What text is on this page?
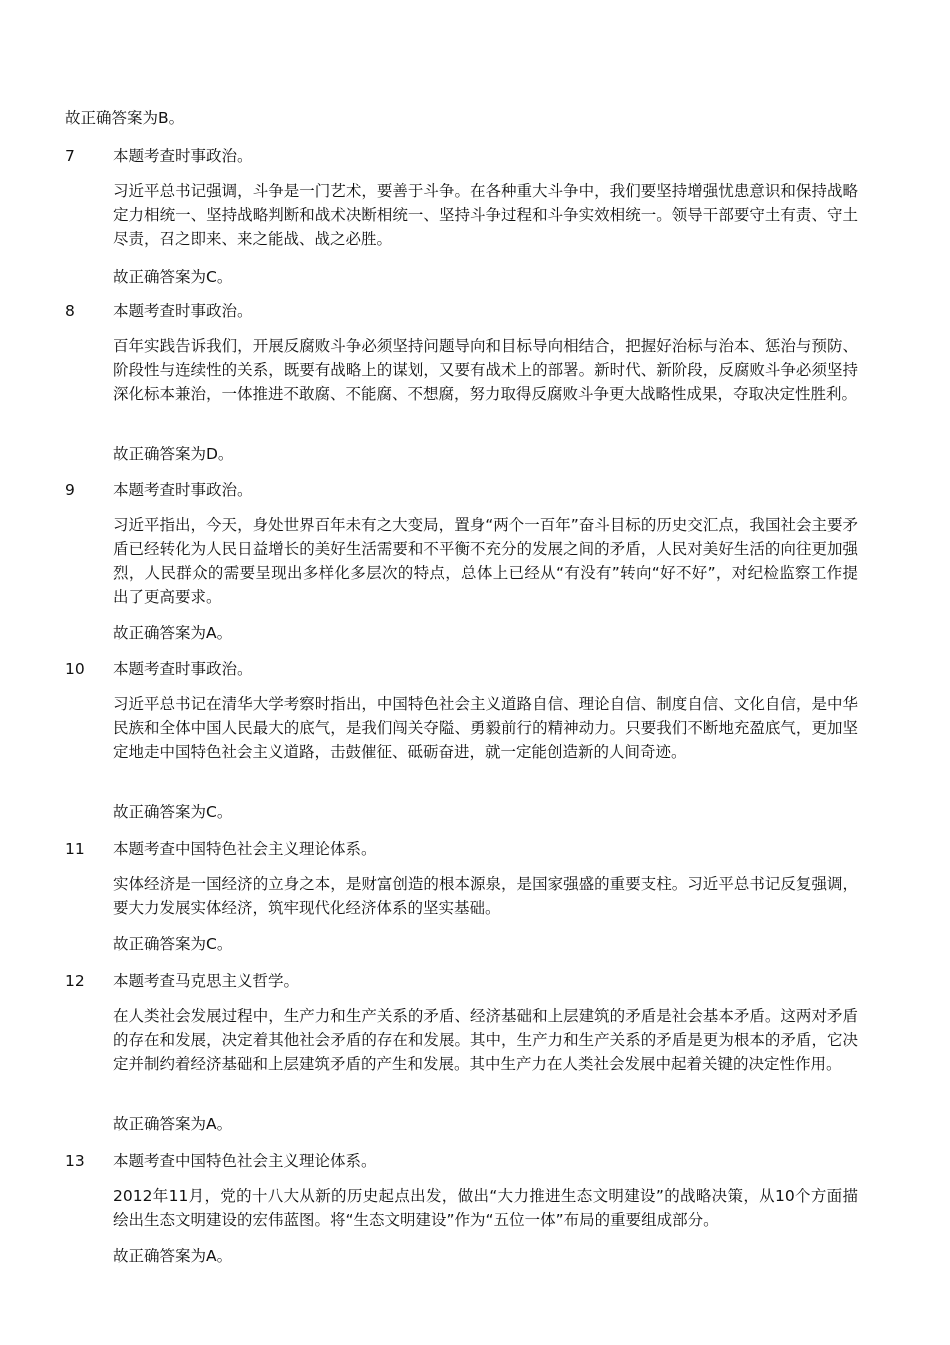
故正确答案为B。
7 本题考查时事政治。
习近平总书记强调，斗争是一门艺术，要善于斗争。在各种重大斗争中，我们要坚持增强忧患意识和保持战略定力相统一、坚持战略判断和战术决断相统一、坚持斗争过程和斗争实效相统一。领导干部要守土有责、守土尽责，召之即来、来之能战、战之必胜。
故正确答案为C。
8 本题考查时事政治。
百年实践告诉我们，开展反腐败斗争必须坚持问题导向和目标导向相结合，把握好治标与治本、惩治与预防、阶段性与连续性的关系，既要有战略上的谋划，又要有战术上的部署。新时代、新阶段，反腐败斗争必须坚持深化标本兼治，一体推进不敢腐、不能腐、不想腐，努力取得反腐败斗争更大战略性成果，夺取决定性胜利。
故正确答案为D。
9 本题考查时事政治。
习近平指出，今天，身处世界百年未有之大变局，置身“两个一百年”奋斗目标的历史交汇点，我国社会主要矛盾已经转化为人民日益增长的美好生活需要和不平衡不充分的发展之间的矛盾，人民对美好生活的向往更加强烈，人民群众的需要呈现出多样化多层次的特点，总体上已经从“有没有”转向“好不好”，对纪检监察工作提出了更高要求。
故正确答案为A。
10 本题考查时事政治。
习近平总书记在清华大学考察时指出，中国特色社会主义道路自信、理论自信、制度自信、文化自信，是中华民族和全体中国人民最大的底气，是我们闯关夺隘、勇毅前行的精神动力。只要我们不断地充盈底气，更加坚定地走中国特色社会主义道路，击鼓催征、砥砺奋进，就一定能创造新的人间奇迹。
故正确答案为C。
11 本题考查中国特色社会主义理论体系。
实体经济是一国经济的立身之本，是财富创造的根本源泉，是国家强盛的重要支柱。习近平总书记反复强调，要大力发展实体经济，筑牢现代化经济体系的坚实基础。
故正确答案为C。
12 本题考查马克思主义哲学。
在人类社会发展过程中，生产力和生产关系的矛盾、经济基础和上层建筑的矛盾是社会基本矛盾。这两对矛盾的存在和发展，决定着其他社会矛盾的存在和发展。其中，生产力和生产关系的矛盾是更为根本的矛盾，它决定并制约着经济基础和上层建筑矛盾的产生和发展。其中生产力在人类社会发展中起着关键的决定性作用。
故正确答案为A。
13 本题考查中国特色社会主义理论体系。
2012年11月，党的十八大从新的历史起点出发，做出“大力推进生态文明建设”的战略决策，从10个方面描绘出生态文明建设的宏伟蓝图。将“生态文明建设”作为“五位一体”布局的重要组成部分。
故正确答案为A。
